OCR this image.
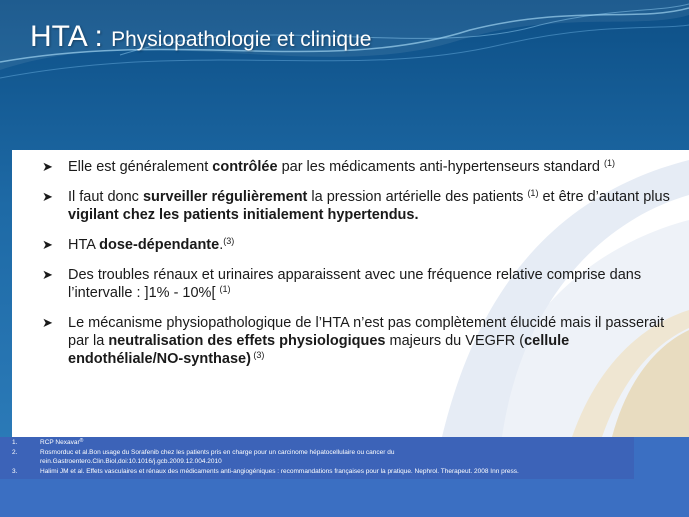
HTA : Physiopathologie et clinique
➤ Elle est généralement contrôlée par les médicaments anti-hypertenseurs standard $^{(1)}$
➤ Il faut donc surveiller régulièrement la pression artérielle des patients $^{(1)}$ et être d’autant plus vigilant chez les patients initialement hypertendus.
➤ HTA dose-dépendante.$^{(3)}$
➤ Des troubles rénaux et urinaires apparaissent avec une fréquence relative comprise dans l’intervalle : ]1% - 10%[ $^{(1)}$
➤ Le mécanisme physiopathologique de l’HTA n’est pas complètement élucidé mais il passerait par la neutralisation des effets physiologiques majeurs du VEGFR (cellule endothéliale/NO-synthase) $^{(3)}$
1.	RCP Nexavar®
2.	Rosmorduc et al.Bon usage du Sorafenib chez les patients pris en charge pour un carcinome hépatocellulaire ou cancer du
rein.Gastroentero.Clin.Biol,doi:10.1016/j.gcb.2009.12.004.2010
3.	Halimi JM et al. Effets vasculaires et rénaux des médicaments anti-angiogéniques : recommandations françaises pour la pratique. Nephrol. Therapeut. 2008 Inn press.
